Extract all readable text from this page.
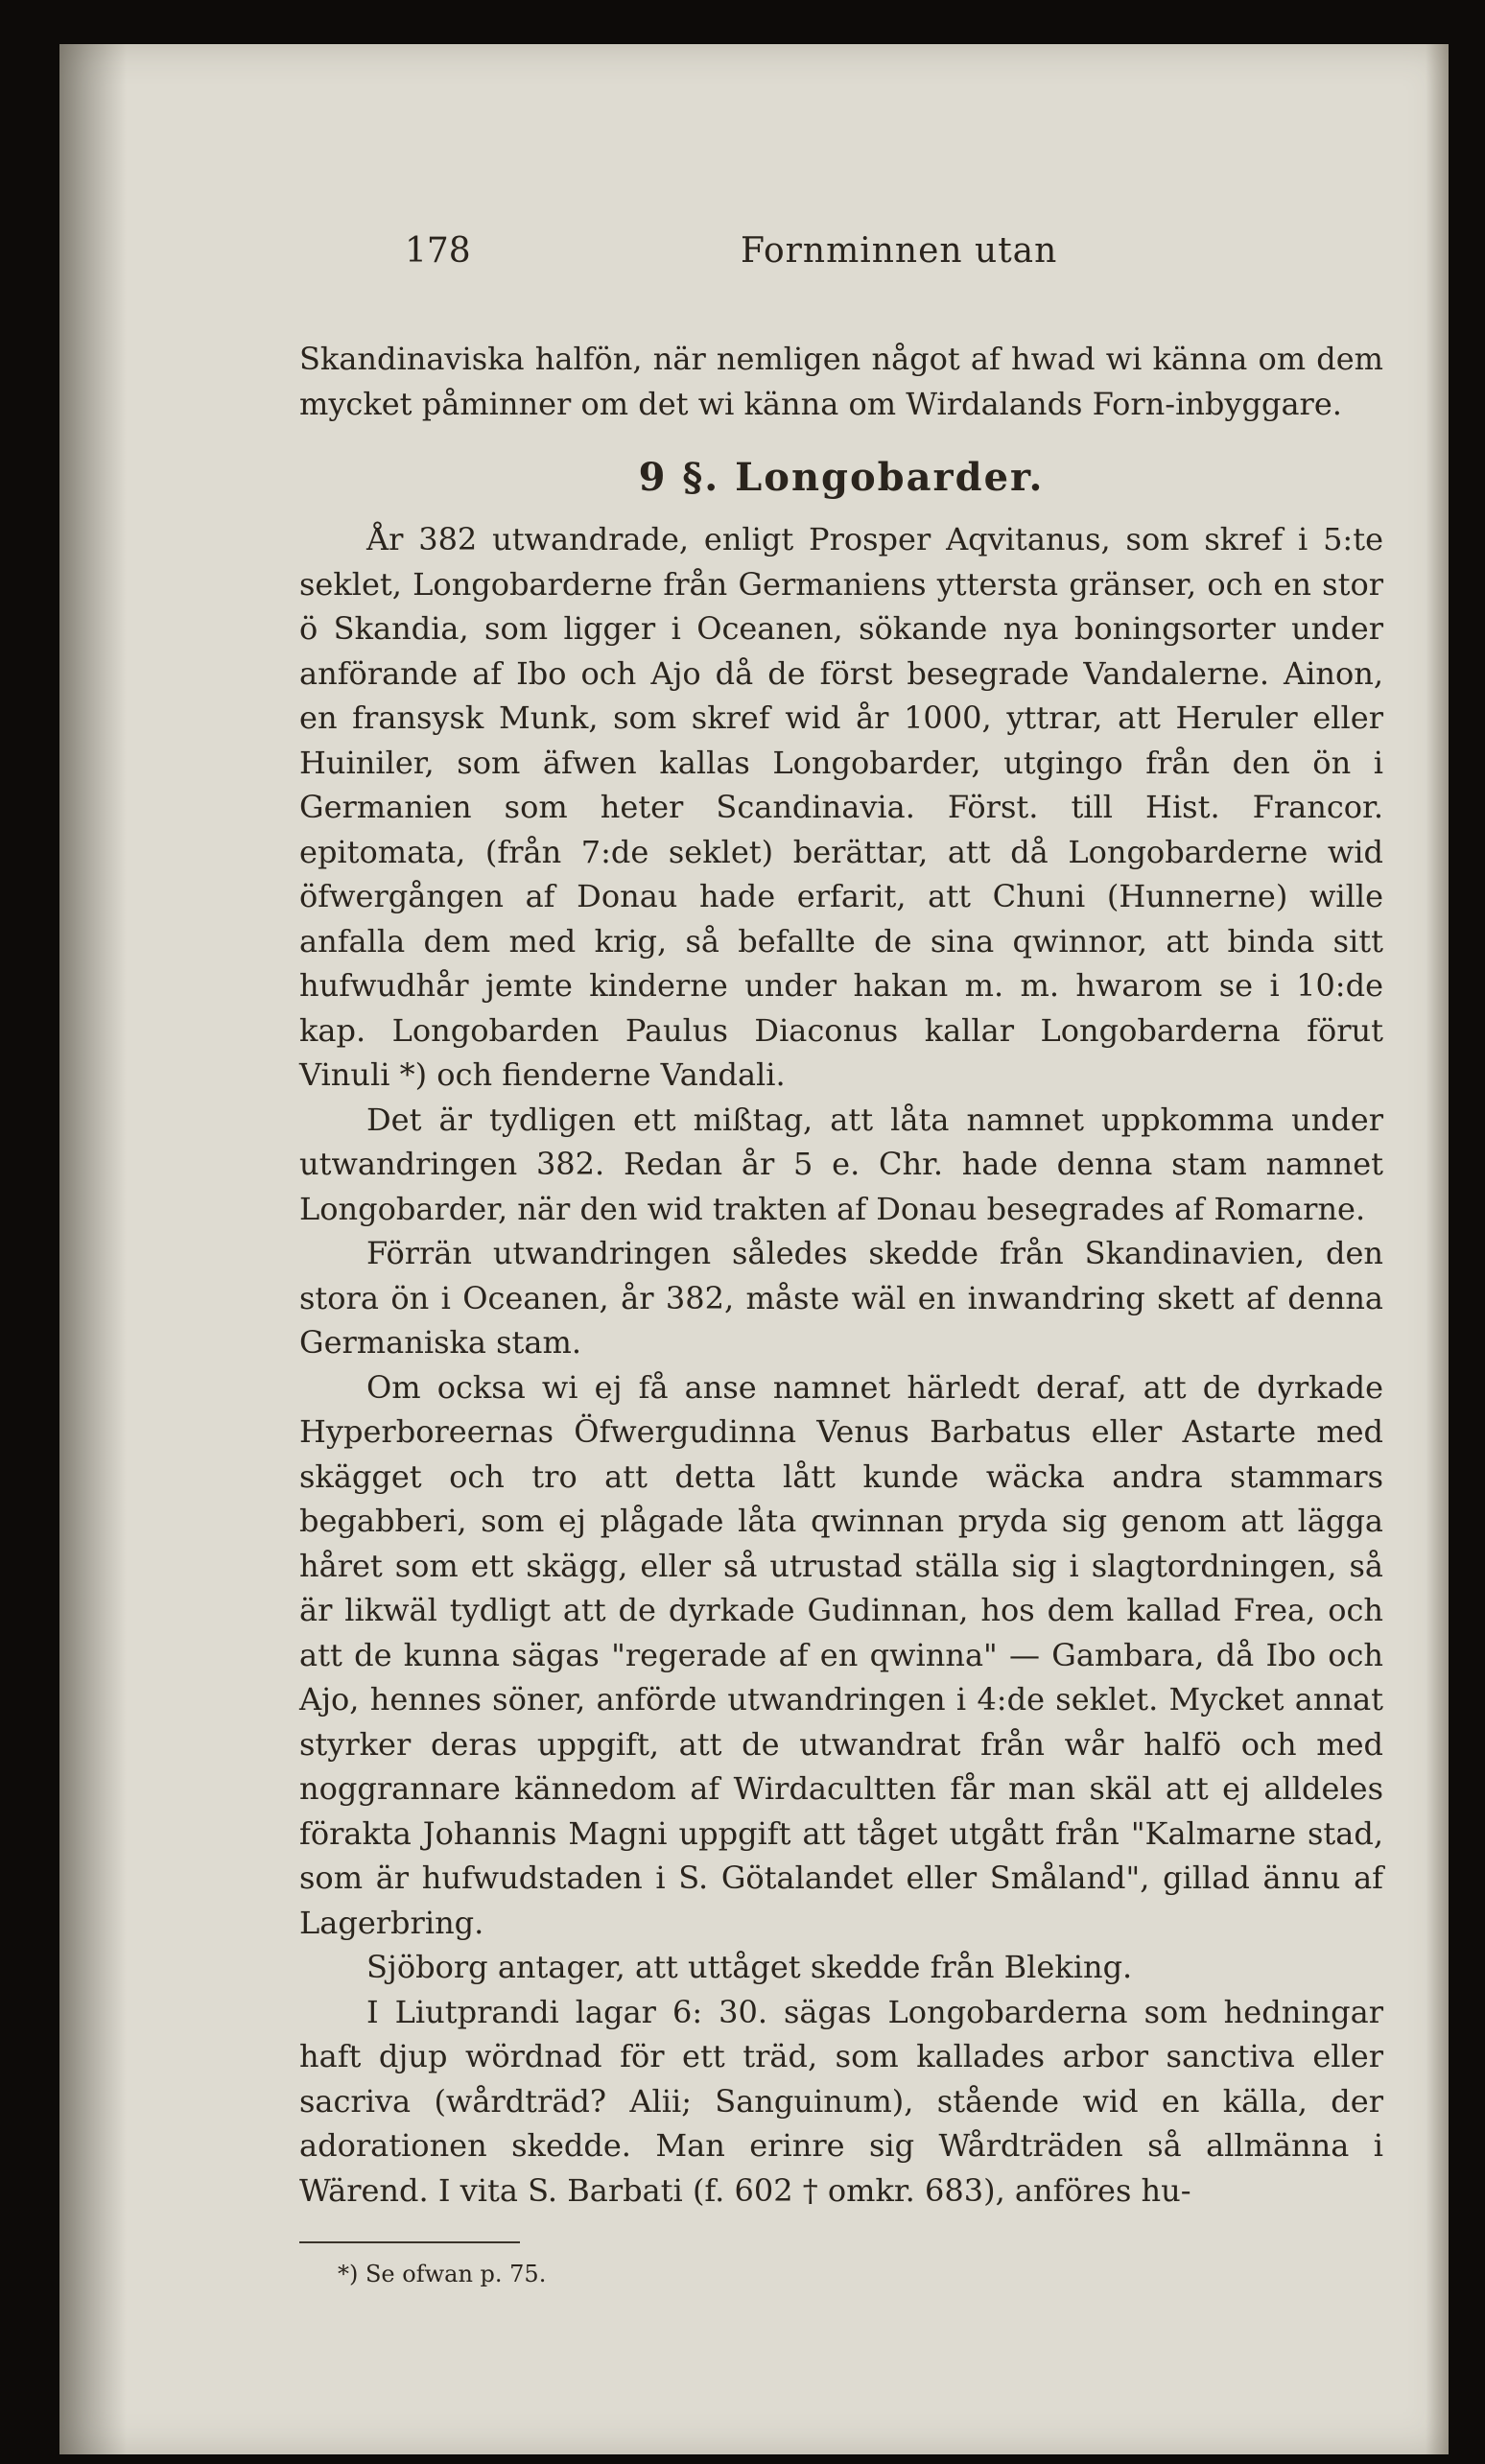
178	Fornminnen utan

Skandinaviska halfön, när nemligen något af hwad wi känna om dem mycket påminner om det wi känna om Wirdalands Forn-inbyggare.

9 §. Longobarder.

År 382 utwandrade, enligt Prosper Aqvitanus, som skref i 5:te seklet, Longobarderne från Germaniens yttersta gränser, och en stor ö Skandia, som ligger i Oceanen, sökande nya boningsorter under anförande af Ibo och Ajo då de först besegrade Vandalerne. Ainon, en fransysk Munk, som skref wid år 1000, yttrar, att Heruler eller Huiniler, som äfwen kallas Longobarder, utgingo från den ön i Germanien som heter Scandinavia. Först. till Hist. Francor. epitomata, (från 7:de seklet) berättar, att då Longobarderne wid öfwergången af Donau hade erfarit, att Chuni (Hunnerne) wille anfalla dem med krig, så befallte de sina qwinnor, att binda sitt hufwudhår jemte kinderne under hakan m. m. hwarom se i 10:de kap. Longobarden Paulus Diaconus kallar Longobarderna förut Vinuli *) och fienderne Vandali.

Det är tydligen ett mißtag, att låta namnet uppkomma under utwandringen 382. Redan år 5 e. Chr. hade denna stam namnet Longobarder, när den wid trakten af Donau besegrades af Romarne.

Förrän utwandringen således skedde från Skandinavien, den stora ön i Oceanen, år 382, måste wäl en inwandring skett af denna Germaniska stam.

Om ocksa wi ej få anse namnet härledt deraf, att de dyrkade Hyperboreernas Öfwergudinna Venus Barbatus eller Astarte med skägget och tro att detta lått kunde wäcka andra stammars begabberi, som ej plågade låta qwinnan pryda sig genom att lägga håret som ett skägg, eller så utrustad ställa sig i slagtordningen, så är likwäl tydligt att de dyrkade Gudinnan, hos dem kallad Frea, och att de kunna sägas "regerade af en qwinna" — Gambara, då Ibo och Ajo, hennes söner, anförde utwandringen i 4:de seklet. Mycket annat styrker deras uppgift, att de utwandrat från wår halfö och med noggrannare kännedom af Wirdacultten får man skäl att ej alldeles förakta Johannis Magni uppgift att tåget utgått från "Kalmarne stad, som är hufwudstaden i S. Götalandet eller Småland", gillad ännu af Lagerbring.

Sjöborg antager, att uttåget skedde från Bleking.

I Liutprandi lagar 6: 30. sägas Longobarderna som hedningar haft djup wördnad för ett träd, som kallades arbor sanctiva eller sacriva (wårdträd? Alii; Sanguinum), stående wid en källa, der adorationen skedde. Man erinre sig Wårdträden så allmänna i Wärend. I vita S. Barbati (f. 602 † omkr. 683), anföres hu-

*) Se ofwan p. 75.
